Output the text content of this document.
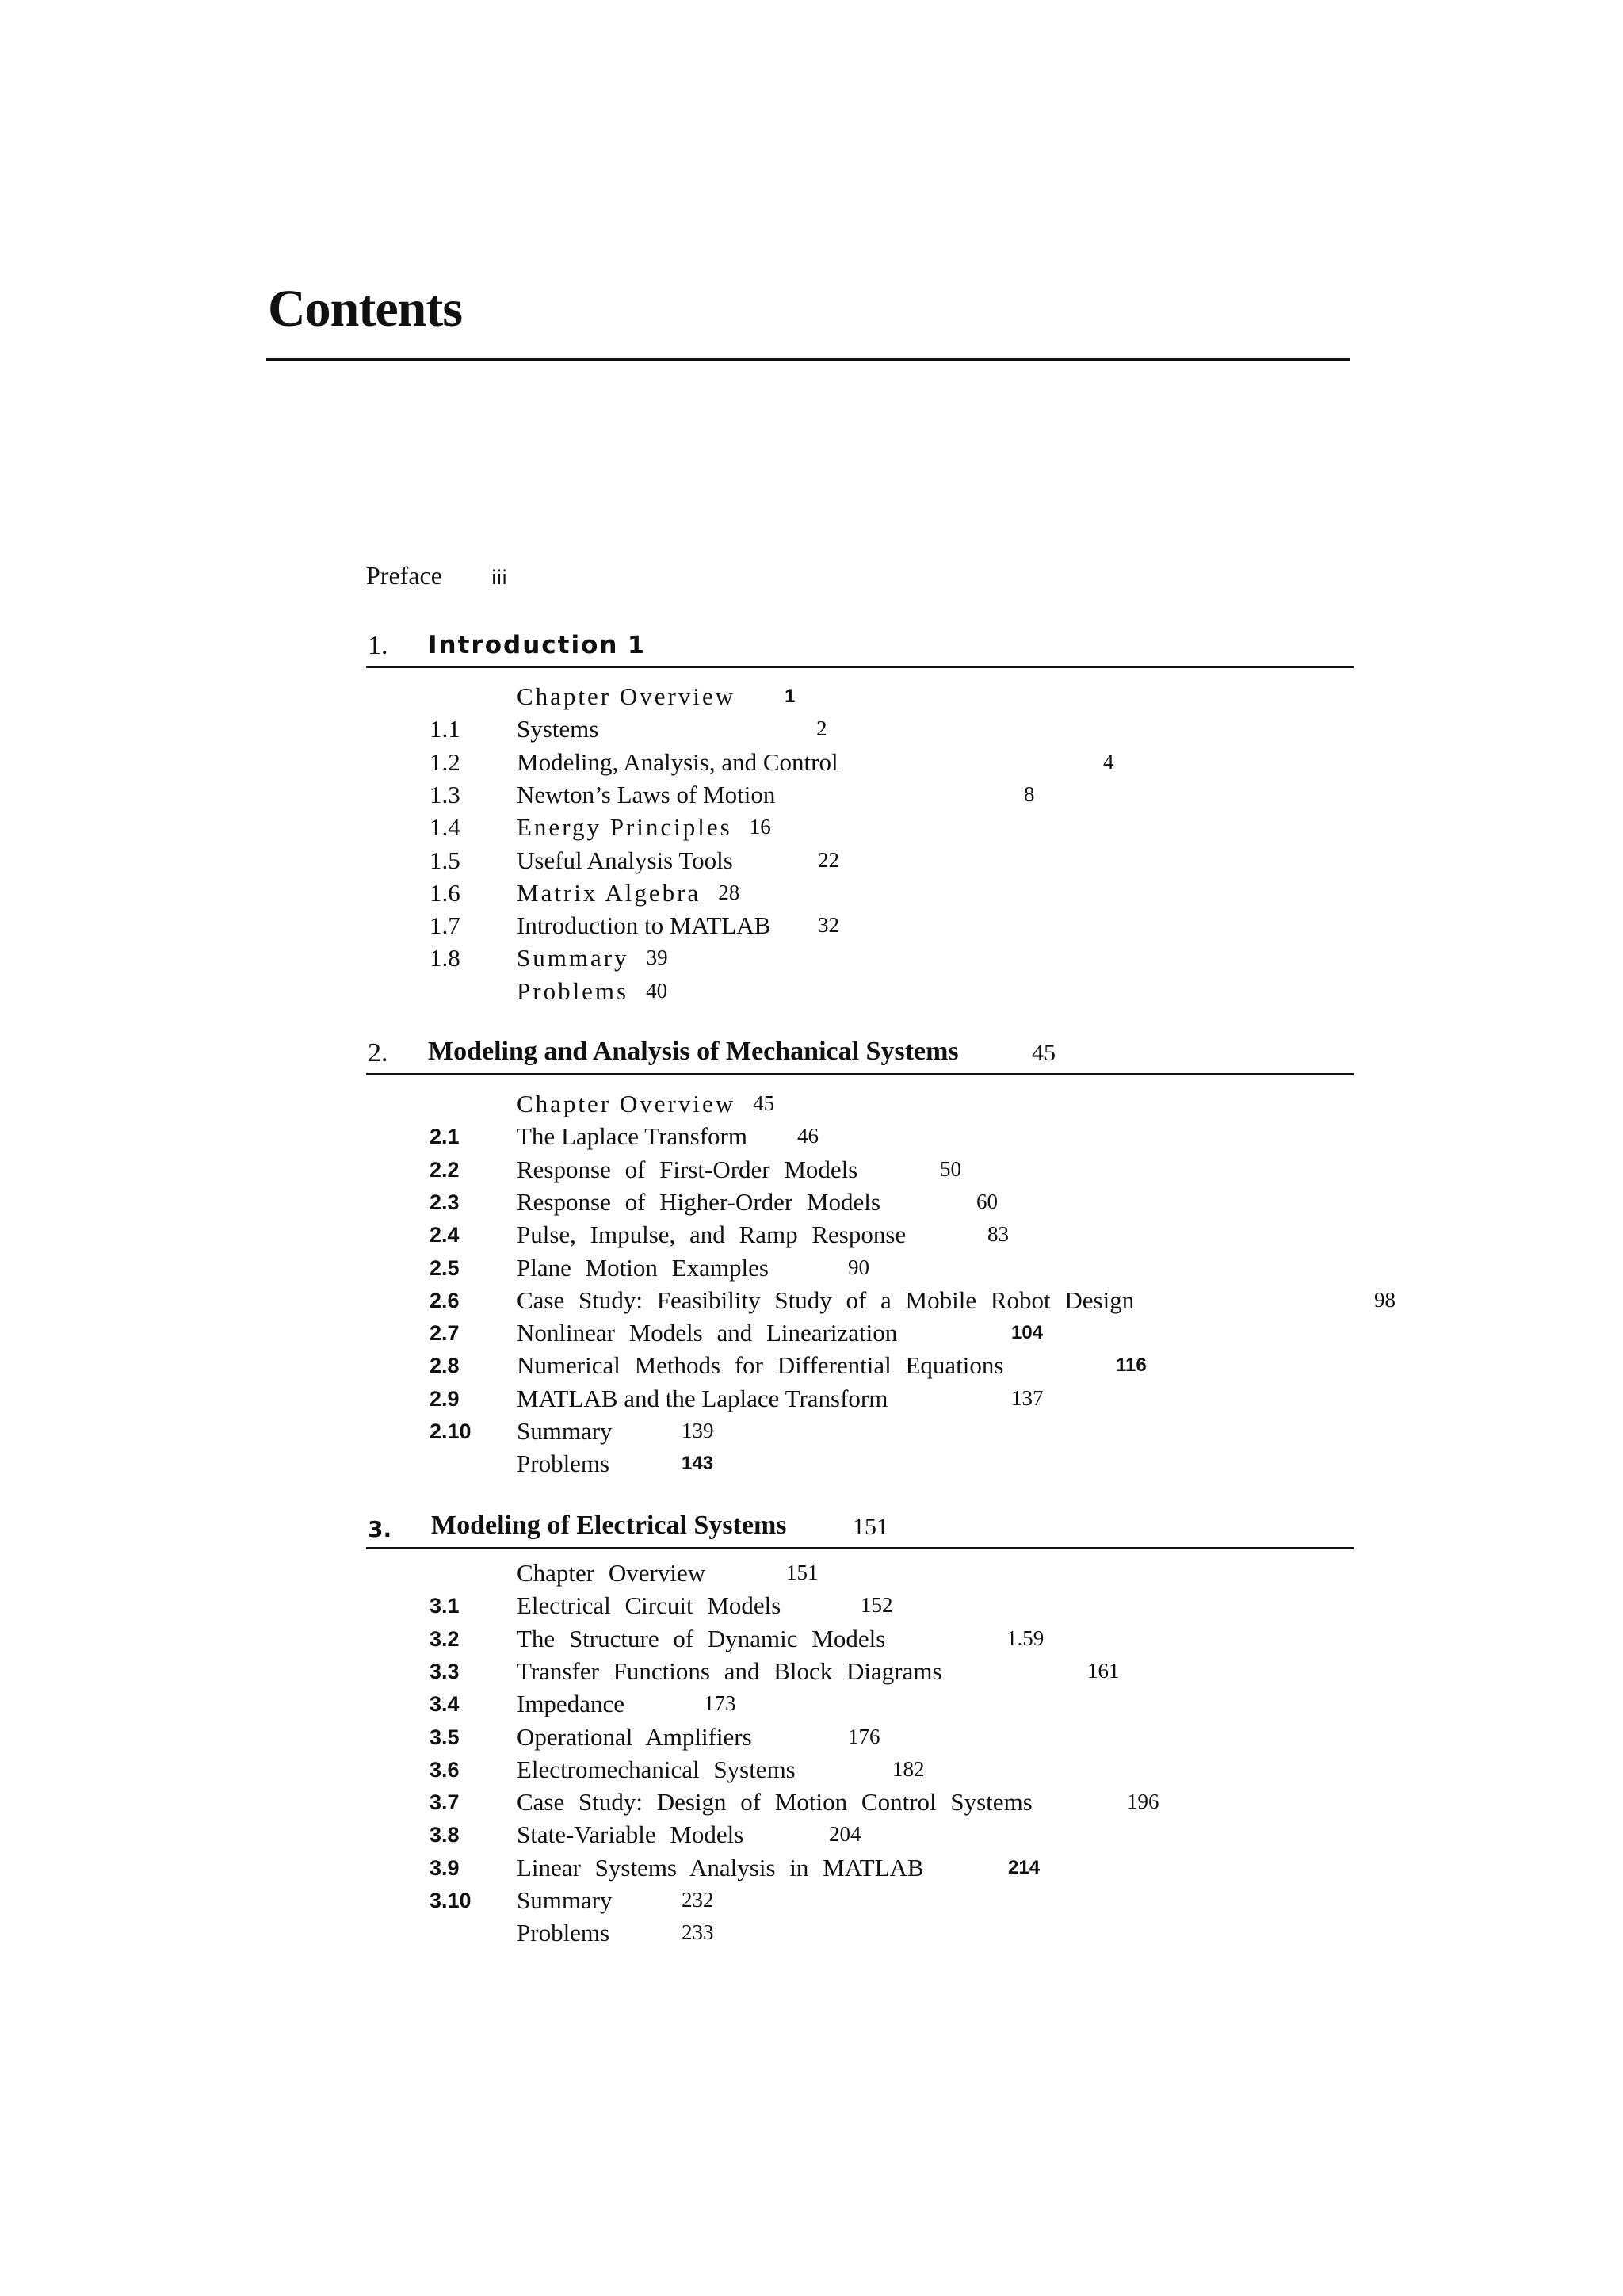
Contents
Preface	iii
1. Introduction 1
Chapter Overview	1
1.1	Systems	2
1.2	Modeling, Analysis, and Control	4
1.3	Newton’s Laws of Motion	8
1.4	Energy Principles 16
1.5	Useful Analysis Tools	22
1.6	Matrix Algebra 28
1.7	Introduction to MATLAB 32
1.8	Summary 39
Problems 40
2. Modeling and Analysis of Mechanical Systems	45
Chapter Overview 45
2.1	The Laplace Transform 46
2.2	Response of First-Order Models	50
2.3	Response of Higher-Order Models	60
2.4	Pulse, Impulse, and Ramp Response	83
2.5	Plane Motion Examples	90
2.6	Case Study: Feasibility Study of a Mobile Robot Design	98
2.7	Nonlinear Models and Linearization	104
2.8	Numerical Methods for Differential Equations	116
2.9	MATLAB and the Laplace Transform	137
2.10	Summary	139
Problems	143
3. Modeling of Electrical Systems	151
Chapter Overview	151
3.1	Electrical Circuit Models	152
3.2	The Structure of Dynamic Models	1.59
3.3	Transfer Functions and Block Diagrams	161
3.4	Impedance	173
3.5	Operational Amplifiers	176
3.6	Electromechanical Systems	182
3.7	Case Study: Design of Motion Control Systems	196
3.8	State-Variable Models	204
3.9	Linear Systems Analysis in MATLAB	214
3.10	Summary	232
Problems	233
